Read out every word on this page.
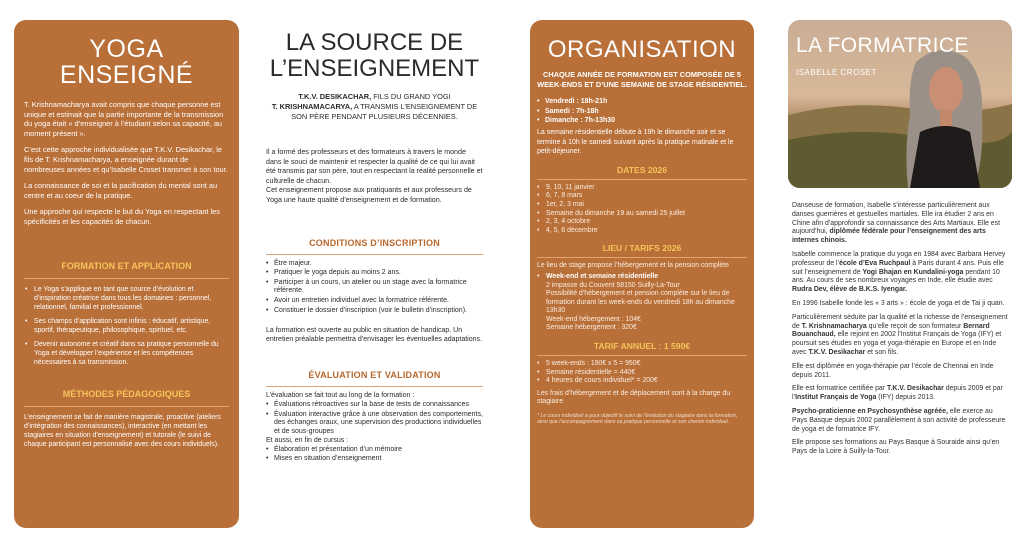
YOGA ENSEIGNÉ

T. Krishnamacharya avait compris que chaque personne est unique et estimait que la partie importante de la transmission du yoga était « d’enseigner à l’étudiant selon sa capacité, au moment présent ».

C’est cette approche individualisée que T.K.V. Desikachar, le fils de T. Krishnamacharya, a enseignée durant de nombreuses années et qu’Isabelle Croset transmet à son tour.

La connaissance de soi et la pacification du mental sont au centre et au coeur de la pratique.

Une approche qui respecte le but du Yoga en respectant les spécificités et les capacités de chacun.

FORMATION ET APPLICATION
• Le Yoga s’applique en tant que source d’évolution et d’inspiration créatrice dans tous les domaines : personnel, relationnel, familial et professionnel.
• Ses champs d’application sont infinis : éducatif, artistique, sportif, thérapeutique, philosophique, spirituel, etc.
• Devenir autonome et créatif dans sa pratique personnelle du Yoga et développer l’expérience et les compétences nécessaires à sa transmission.
MÉTHODES PÉDAGOGIQUES

L’enseignement se fait de manière magistrale, proactive (ateliers d’intégration des connaissances), interactive (en mettant les stagiaires en situation d’enseignement) et tutorale (le suivi de chaque participant est personnalisé avec des cours individuels).

LA SOURCE DE L’ENSEIGNEMENT
T.K.V. DESIKACHAR, FILS DU GRAND YOGI
T. KRISHNAMACARYA, A TRANSMIS L’ENSEIGNEMENT DE SON PÈRE PENDANT PLUSIEURS DÉCENNIES.

Il a formé des professeurs et des formateurs à travers le monde dans le souci de maintenir et respecter la qualité de ce qui lui avait été transmis par son père, tout en respectant la réalité personnelle et culturelle de chacun.

Cet enseignement propose aux pratiquants et aux professeurs de Yoga une haute qualité d’enseignement et de formation.

CONDITIONS D’INSCRIPTION
• Être majeur.
• Pratiquer le yoga depuis au moins 2 ans.
• Participer à un cours, un atelier ou un stage avec la formatrice référente.
• Avoir un entretien individuel avec la formatrice référente.
• Constituer le dossier d’inscription (voir le bulletin d’inscription).

La formation est ouverte au public en situation de handicap. Un entretien préalable permettra d’envisager les éventuelles adaptations.

ÉVALUATION ET VALIDATION

L’évaluation se fait tout au long de la formation :

• Évaluations rétroactives sur la base de tests de connaissances
• Évaluation interactive grâce à une observation des comportements, des échanges oraux, une supervision des productions individuelles et de sous-groupes

Et aussi, en fin de cursus :

• Élaboration et présentation d’un mémoire
• Mises en situation d’enseignement
ORGANISATION
CHAQUE ANNÉE DE FORMATION EST COMPOSÉE DE 5 WEEK-ENDS ET D’UNE SEMAINE DE STAGE RÉSIDENTIEL.
• Vendredi : 18h-21h
• Samedi : 7h-18h
• Dimanche : 7h-13h30

La semaine résidentielle débute à 19h le dimanche soir et se termine à 10h le samedi suivant après la pratique matinale et le petit-déjeuner.

DATES 2026
• 9, 10, 11 janvier
• 6, 7, 8 mars
• 1er, 2, 3 mai
• Semaine du dimanche 19 au samedi 25 juillet
• 2, 3, 4 octobre
• 4, 5, 6 décembre
LIEU / TARIFS 2026

Le lieu de stage propose l’hébergement et la pension complète

• Week-end et semaine résidentielle
2 impasse du Couvent 58150 Suilly-La-Tour
Possibilité d’hébergement et pension complète sur le lieu de formation durant les week-ends du vendredi 18h au dimanche 13h30
Week-end hébergement : 104€
Semaine hébergement : 320€
TARIF ANNUEL : 1 590€
• 5 week-ends : 190€ x 5 = 950€
• Semaine résidentielle = 440€
• 4 heures de cours individuel* = 200€

Les frais d’hébergement et de déplacement sont à la charge du stagiaire

* Le cours individuel a pour objectif le suivi de l’évolution du stagiaire dans la formation, ainsi que l’accompagnement dans sa pratique personnelle et son chemin individuel.

LA FORMATRICE
ISABELLE CROSET

Danseuse de formation, Isabelle s’intéresse particulièrement aux danses guerrières et gestuelles martiales. Elle ira étudier 2 ans en Chine afin d’approfondir sa connaissance des Arts Martiaux. Elle est aujourd’hui, diplômée fédérale pour l’enseignement des arts internes chinois.

Isabelle commence la pratique du yoga en 1984 avec Barbara Hervey professeur de l’école d’Eva Ruchpaul à Paris durant 4 ans. Puis elle suit l’enseignement de Yogi Bhajan en Kundalini-yoga pendant 10 ans. Au cours de ses nombreux voyages en Inde, elle étudie avec Rudra Dev, élève de B.K.S. Iyengar.

En 1996 Isabelle fonde les « 3 arts » : école de yoga et de Tai ji quan.

Particulièrement séduite par la qualité et la richesse de l’enseignement de T. Krishnamacharya qu’elle reçoit de son formateur Bernard Bouanchaud, elle rejoint en 2002 l’Institut Français de Yoga (IFY) et poursuit ses études en yoga et yoga-thérapie en Europe et en Inde avec T.K.V. Desikachar et son fils.

Elle est diplômée en yoga-thérapie par l’école de Chennai en Inde depuis 2011.

Elle est formatrice certifiée par T.K.V. Desikachar depuis 2009 et par l’Institut Français de Yoga (IFY) depuis 2013.

Psycho-praticienne en Psychosynthèse agréée, elle exerce au Pays Basque depuis 2002 parallèlement à son activité de professeure de yoga et de formatrice IFY.

Elle propose ses formations au Pays Basque à Souraide ainsi qu’en Pays de la Loire à Suilly-la-Tour.
